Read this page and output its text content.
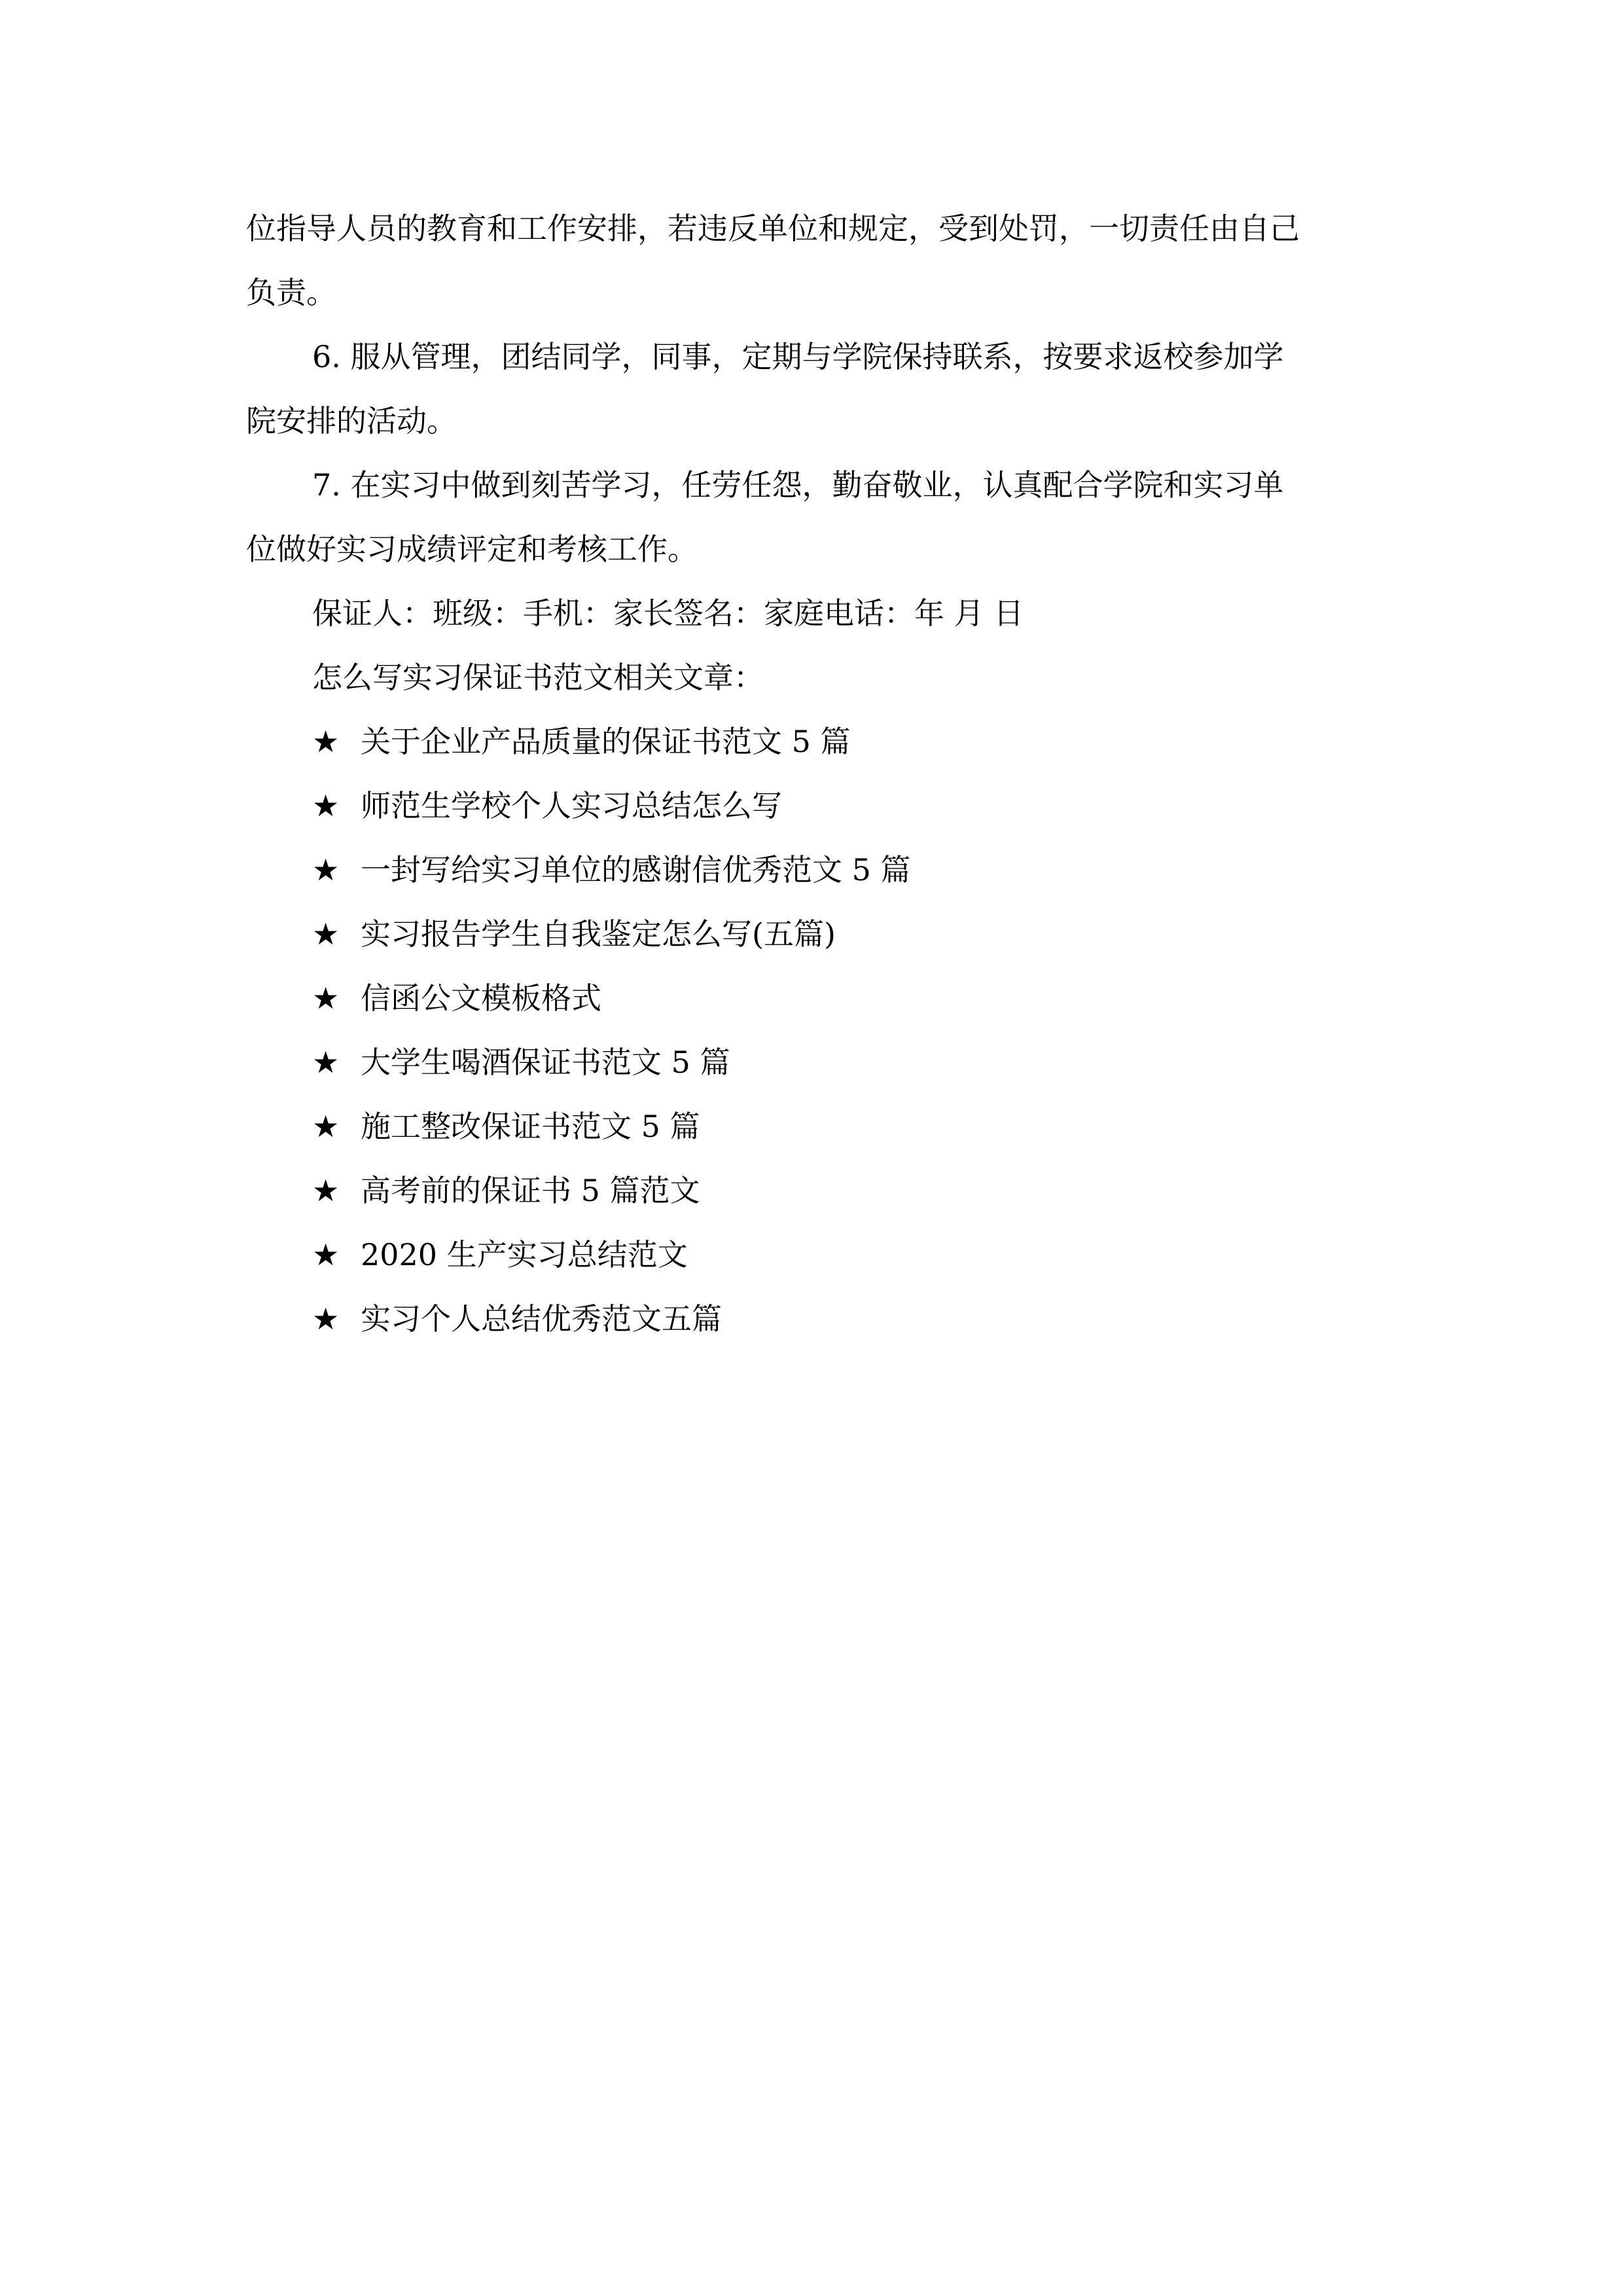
位指导人员的教育和工作安排，若违反单位和规定，受到处罚，一切责任由自己

负责。

6. 服从管理，团结同学，同事，定期与学院保持联系，按要求返校参加学

院安排的活动。

7. 在实习中做到刻苦学习，任劳任怨，勤奋敬业，认真配合学院和实习单

位做好实习成绩评定和考核工作。

保证人：班级：手机：家长签名：家庭电话：年 月 日

怎么写实习保证书范文相关文章：

★ 关于企业产品质量的保证书范文 5 篇
★ 师范生学校个人实习总结怎么写
★ 一封写给实习单位的感谢信优秀范文 5 篇
★ 实习报告学生自我鉴定怎么写(五篇)
★ 信函公文模板格式
★ 大学生喝酒保证书范文 5 篇
★ 施工整改保证书范文 5 篇
★ 高考前的保证书 5 篇范文
★ 2020 生产实习总结范文
★ 实习个人总结优秀范文五篇
